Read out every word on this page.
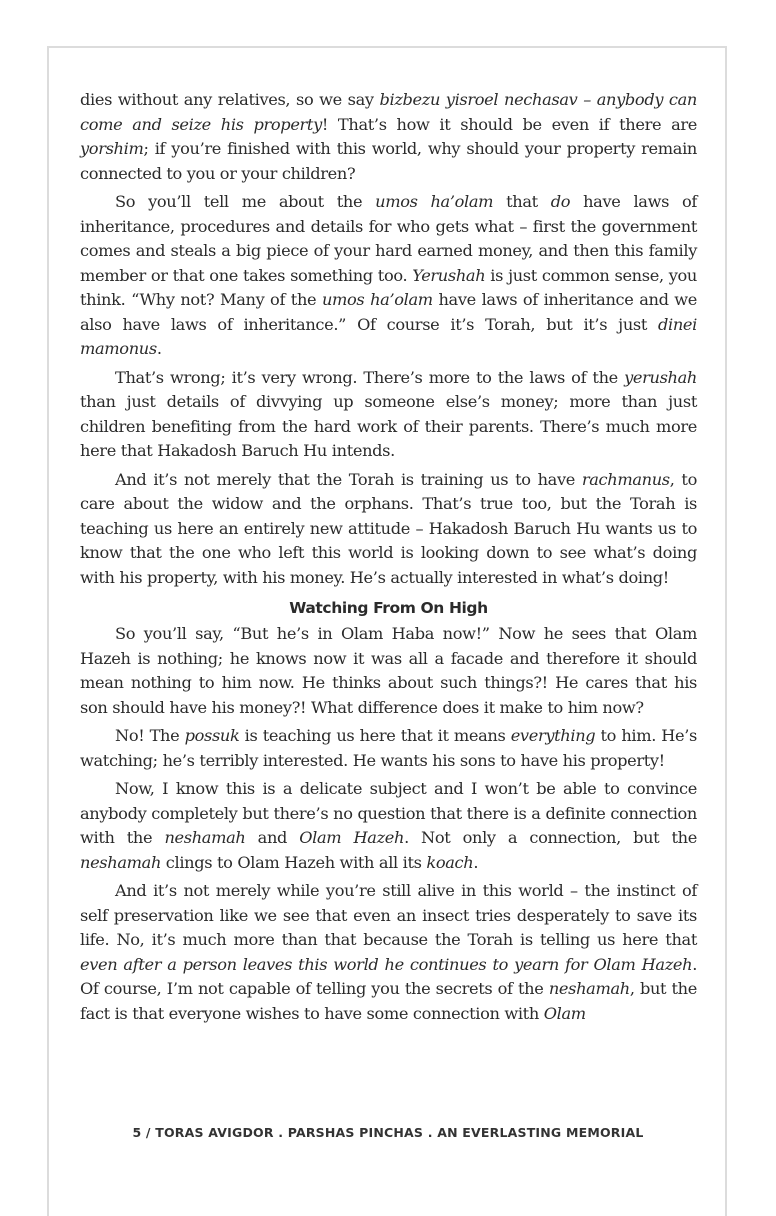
dies without any relatives, so we say bizbezu yisroel nechasav – anybody can come and seize his property! That’s how it should be even if there are yorshim; if you’re finished with this world, why should your property remain connected to you or your children?

So you’ll tell me about the umos ha’olam that do have laws of inheritance, procedures and details for who gets what – first the government comes and steals a big piece of your hard earned money, and then this family member or that one takes something too. Yerushah is just common sense, you think. “Why not? Many of the umos ha’olam have laws of inheritance and we also have laws of inheritance.” Of course it’s Torah, but it’s just dinei mamonus.

That’s wrong; it’s very wrong. There’s more to the laws of the yerushah than just details of divvying up someone else’s money; more than just children benefiting from the hard work of their parents. There’s much more here that Hakadosh Baruch Hu intends.

And it’s not merely that the Torah is training us to have rachmanus, to care about the widow and the orphans. That’s true too, but the Torah is teaching us here an entirely new attitude – Hakadosh Baruch Hu wants us to know that the one who left this world is looking down to see what’s doing with his property, with his money. He’s actually interested in what’s doing!

Watching From On High

So you’ll say, “But he’s in Olam Haba now!” Now he sees that Olam Hazeh is nothing; he knows now it was all a facade and therefore it should mean nothing to him now. He thinks about such things?! He cares that his son should have his money?! What difference does it make to him now?

No! The possuk is teaching us here that it means everything to him. He’s watching; he’s terribly interested. He wants his sons to have his property!

Now, I know this is a delicate subject and I won’t be able to convince anybody completely but there’s no question that there is a definite connection with the neshamah and Olam Hazeh. Not only a connection, but the neshamah clings to Olam Hazeh with all its koach.

And it’s not merely while you’re still alive in this world – the instinct of self preservation like we see that even an insect tries desperately to save its life. No, it’s much more than that because the Torah is telling us here that even after a person leaves this world he continues to yearn for Olam Hazeh. Of course, I’m not capable of telling you the secrets of the neshamah, but the fact is that everyone wishes to have some connection with Olam

5 / TORAS AVIGDOR . PARSHAS PINCHAS . AN EVERLASTING MEMORIAL
